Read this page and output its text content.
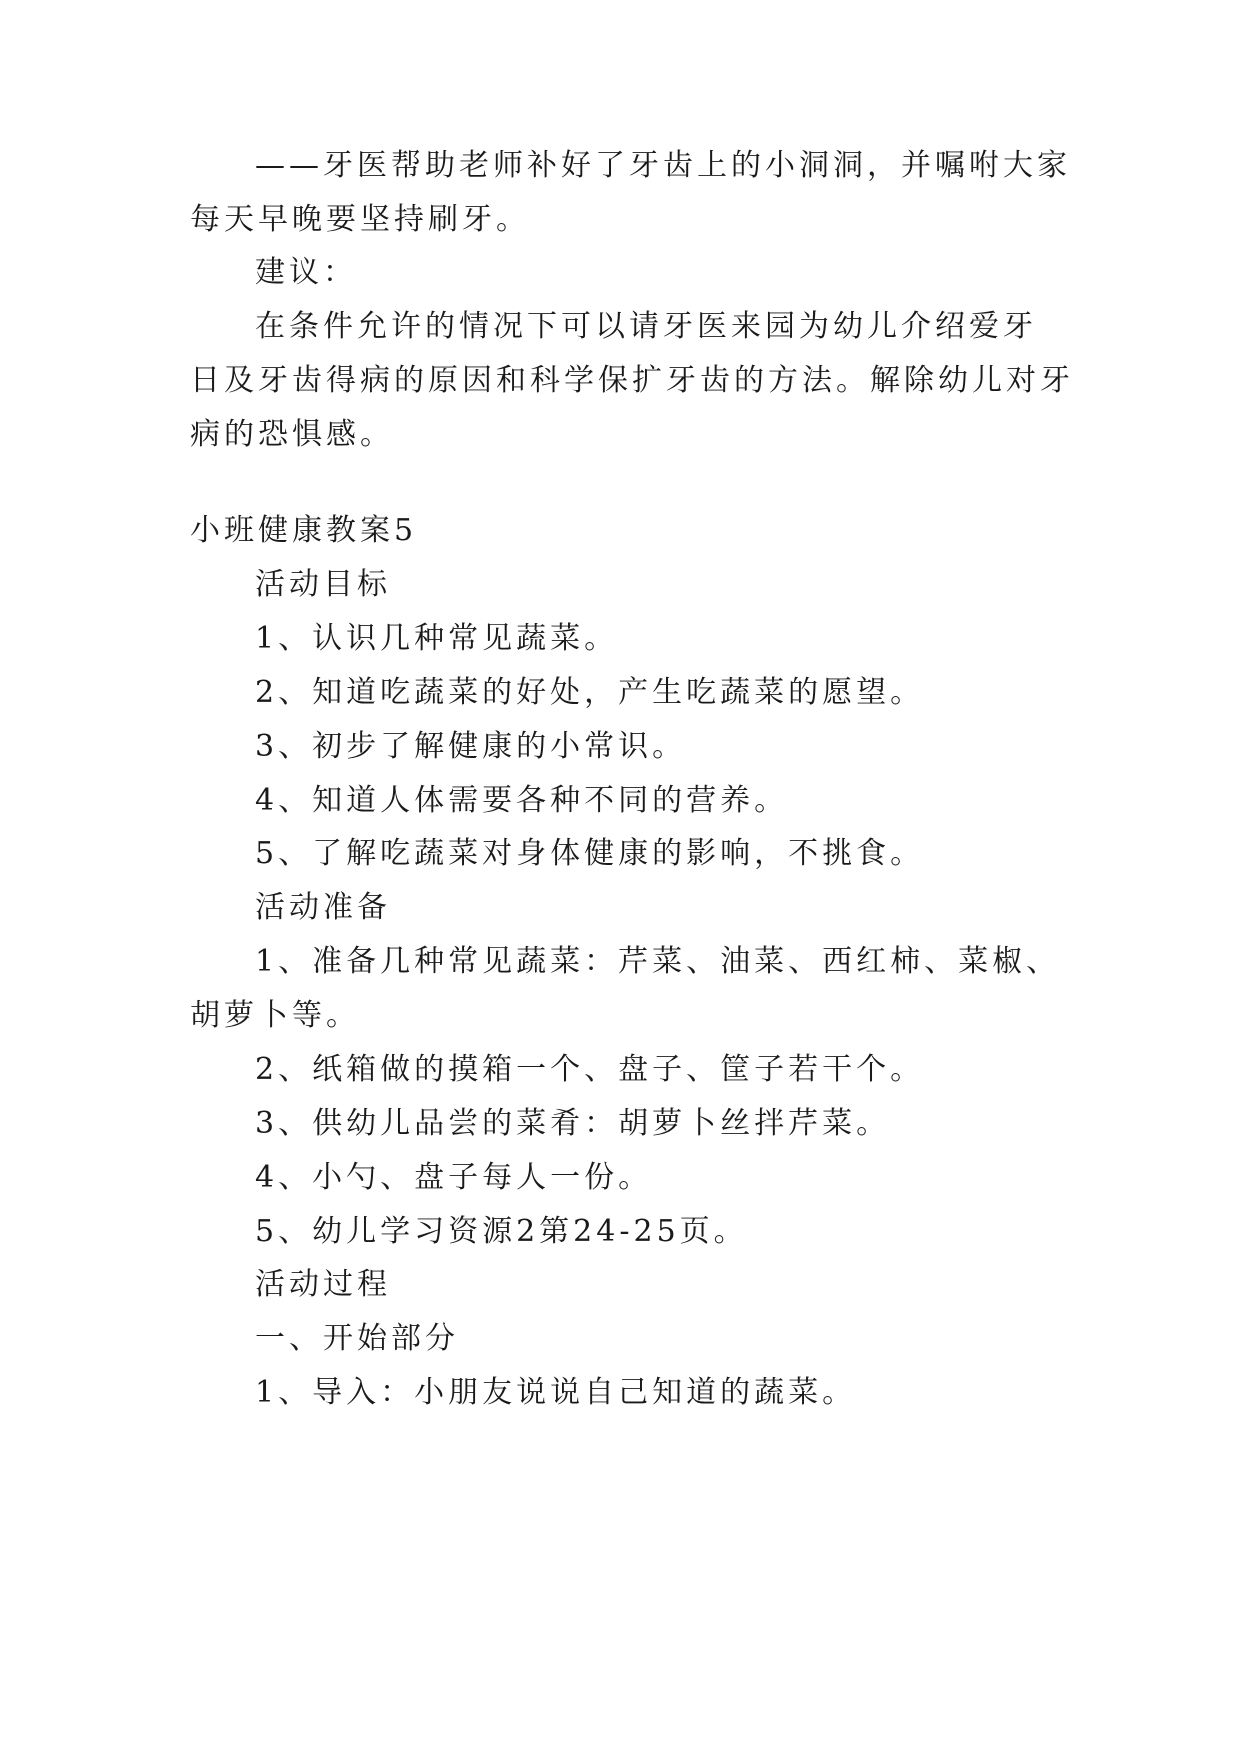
——牙医帮助老师补好了牙齿上的小洞洞，并嘱咐大家
每天早晚要坚持刷牙。
建议：
在条件允许的情况下可以请牙医来园为幼儿介绍爱牙
日及牙齿得病的原因和科学保扩牙齿的方法。解除幼儿对牙
病的恐惧感。
小班健康教案5
活动目标
1、认识几种常见蔬菜。
2、知道吃蔬菜的好处，产生吃蔬菜的愿望。
3、初步了解健康的小常识。
4、知道人体需要各种不同的营养。
5、了解吃蔬菜对身体健康的影响，不挑食。
活动准备
1、准备几种常见蔬菜：芹菜、油菜、西红柿、菜椒、
胡萝卜等。
2、纸箱做的摸箱一个、盘子、筐子若干个。
3、供幼儿品尝的菜肴：胡萝卜丝拌芹菜。
4、小勺、盘子每人一份。
5、幼儿学习资源2第24-25页。
活动过程
一、开始部分
1、导入：小朋友说说自己知道的蔬菜。
